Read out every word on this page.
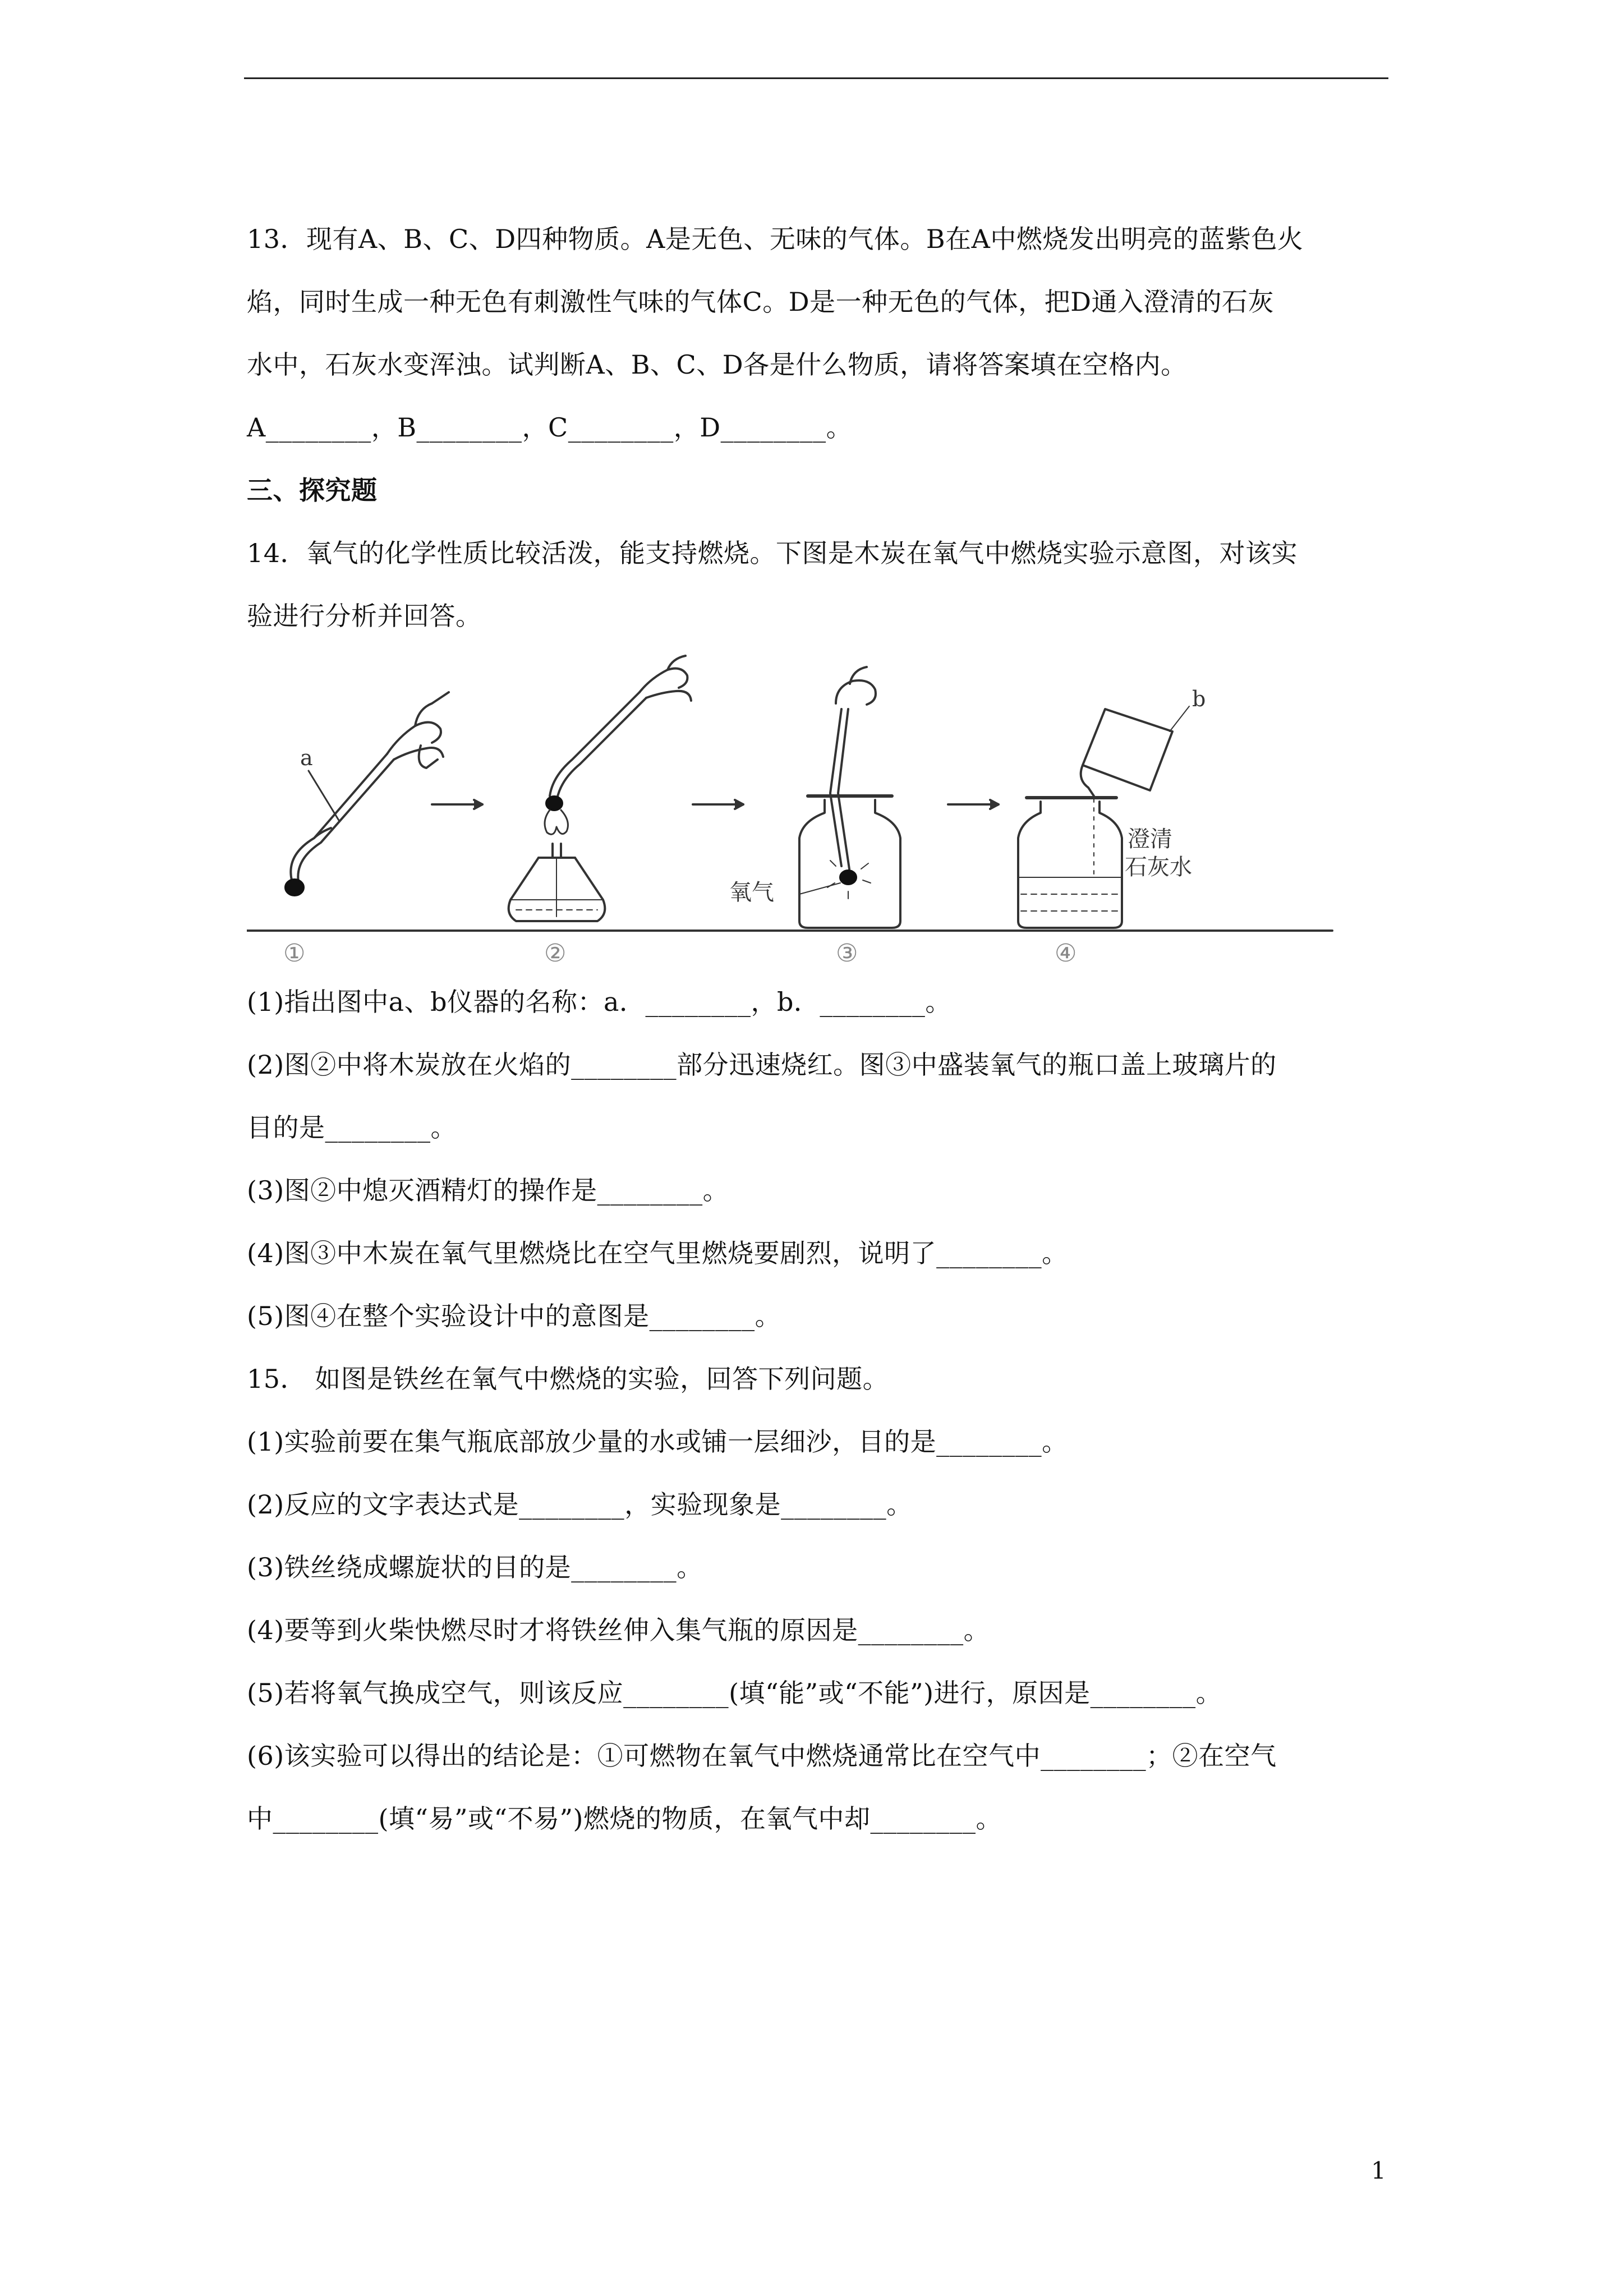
13．现有A、B、C、D四种物质。A是无色、无味的气体。B在A中燃烧发出明亮的蓝紫色火
焰，同时生成一种无色有刺激性气味的气体C。D是一种无色的气体，把D通入澄清的石灰
水中，石灰水变浑浊。试判断A、B、C、D各是什么物质，请将答案填在空格内。
A________，B________，C________，D________。
三、探究题
14．氧气的化学性质比较活泼，能支持燃烧。下图是木炭在氧气中燃烧实验示意图，对该实
验进行分析并回答。
a
b
氧气
澄清
石灰水
①	②	③	④
(1)指出图中a、b仪器的名称：a．________，b．________。
(2)图②中将木炭放在火焰的________部分迅速烧红。图③中盛装氧气的瓶口盖上玻璃片的
目的是________。
(3)图②中熄灭酒精灯的操作是________。
(4)图③中木炭在氧气里燃烧比在空气里燃烧要剧烈，说明了________。
(5)图④在整个实验设计中的意图是________。
15． 如图是铁丝在氧气中燃烧的实验，回答下列问题。
(1)实验前要在集气瓶底部放少量的水或铺一层细沙，目的是________。
(2)反应的文字表达式是________，实验现象是________。
(3)铁丝绕成螺旋状的目的是________。
(4)要等到火柴快燃尽时才将铁丝伸入集气瓶的原因是________。
(5)若将氧气换成空气，则该反应________(填“能”或“不能”)进行，原因是________。
(6)该实验可以得出的结论是：①可燃物在氧气中燃烧通常比在空气中________；②在空气
中________(填“易”或“不易”)燃烧的物质，在氧气中却________。
1
